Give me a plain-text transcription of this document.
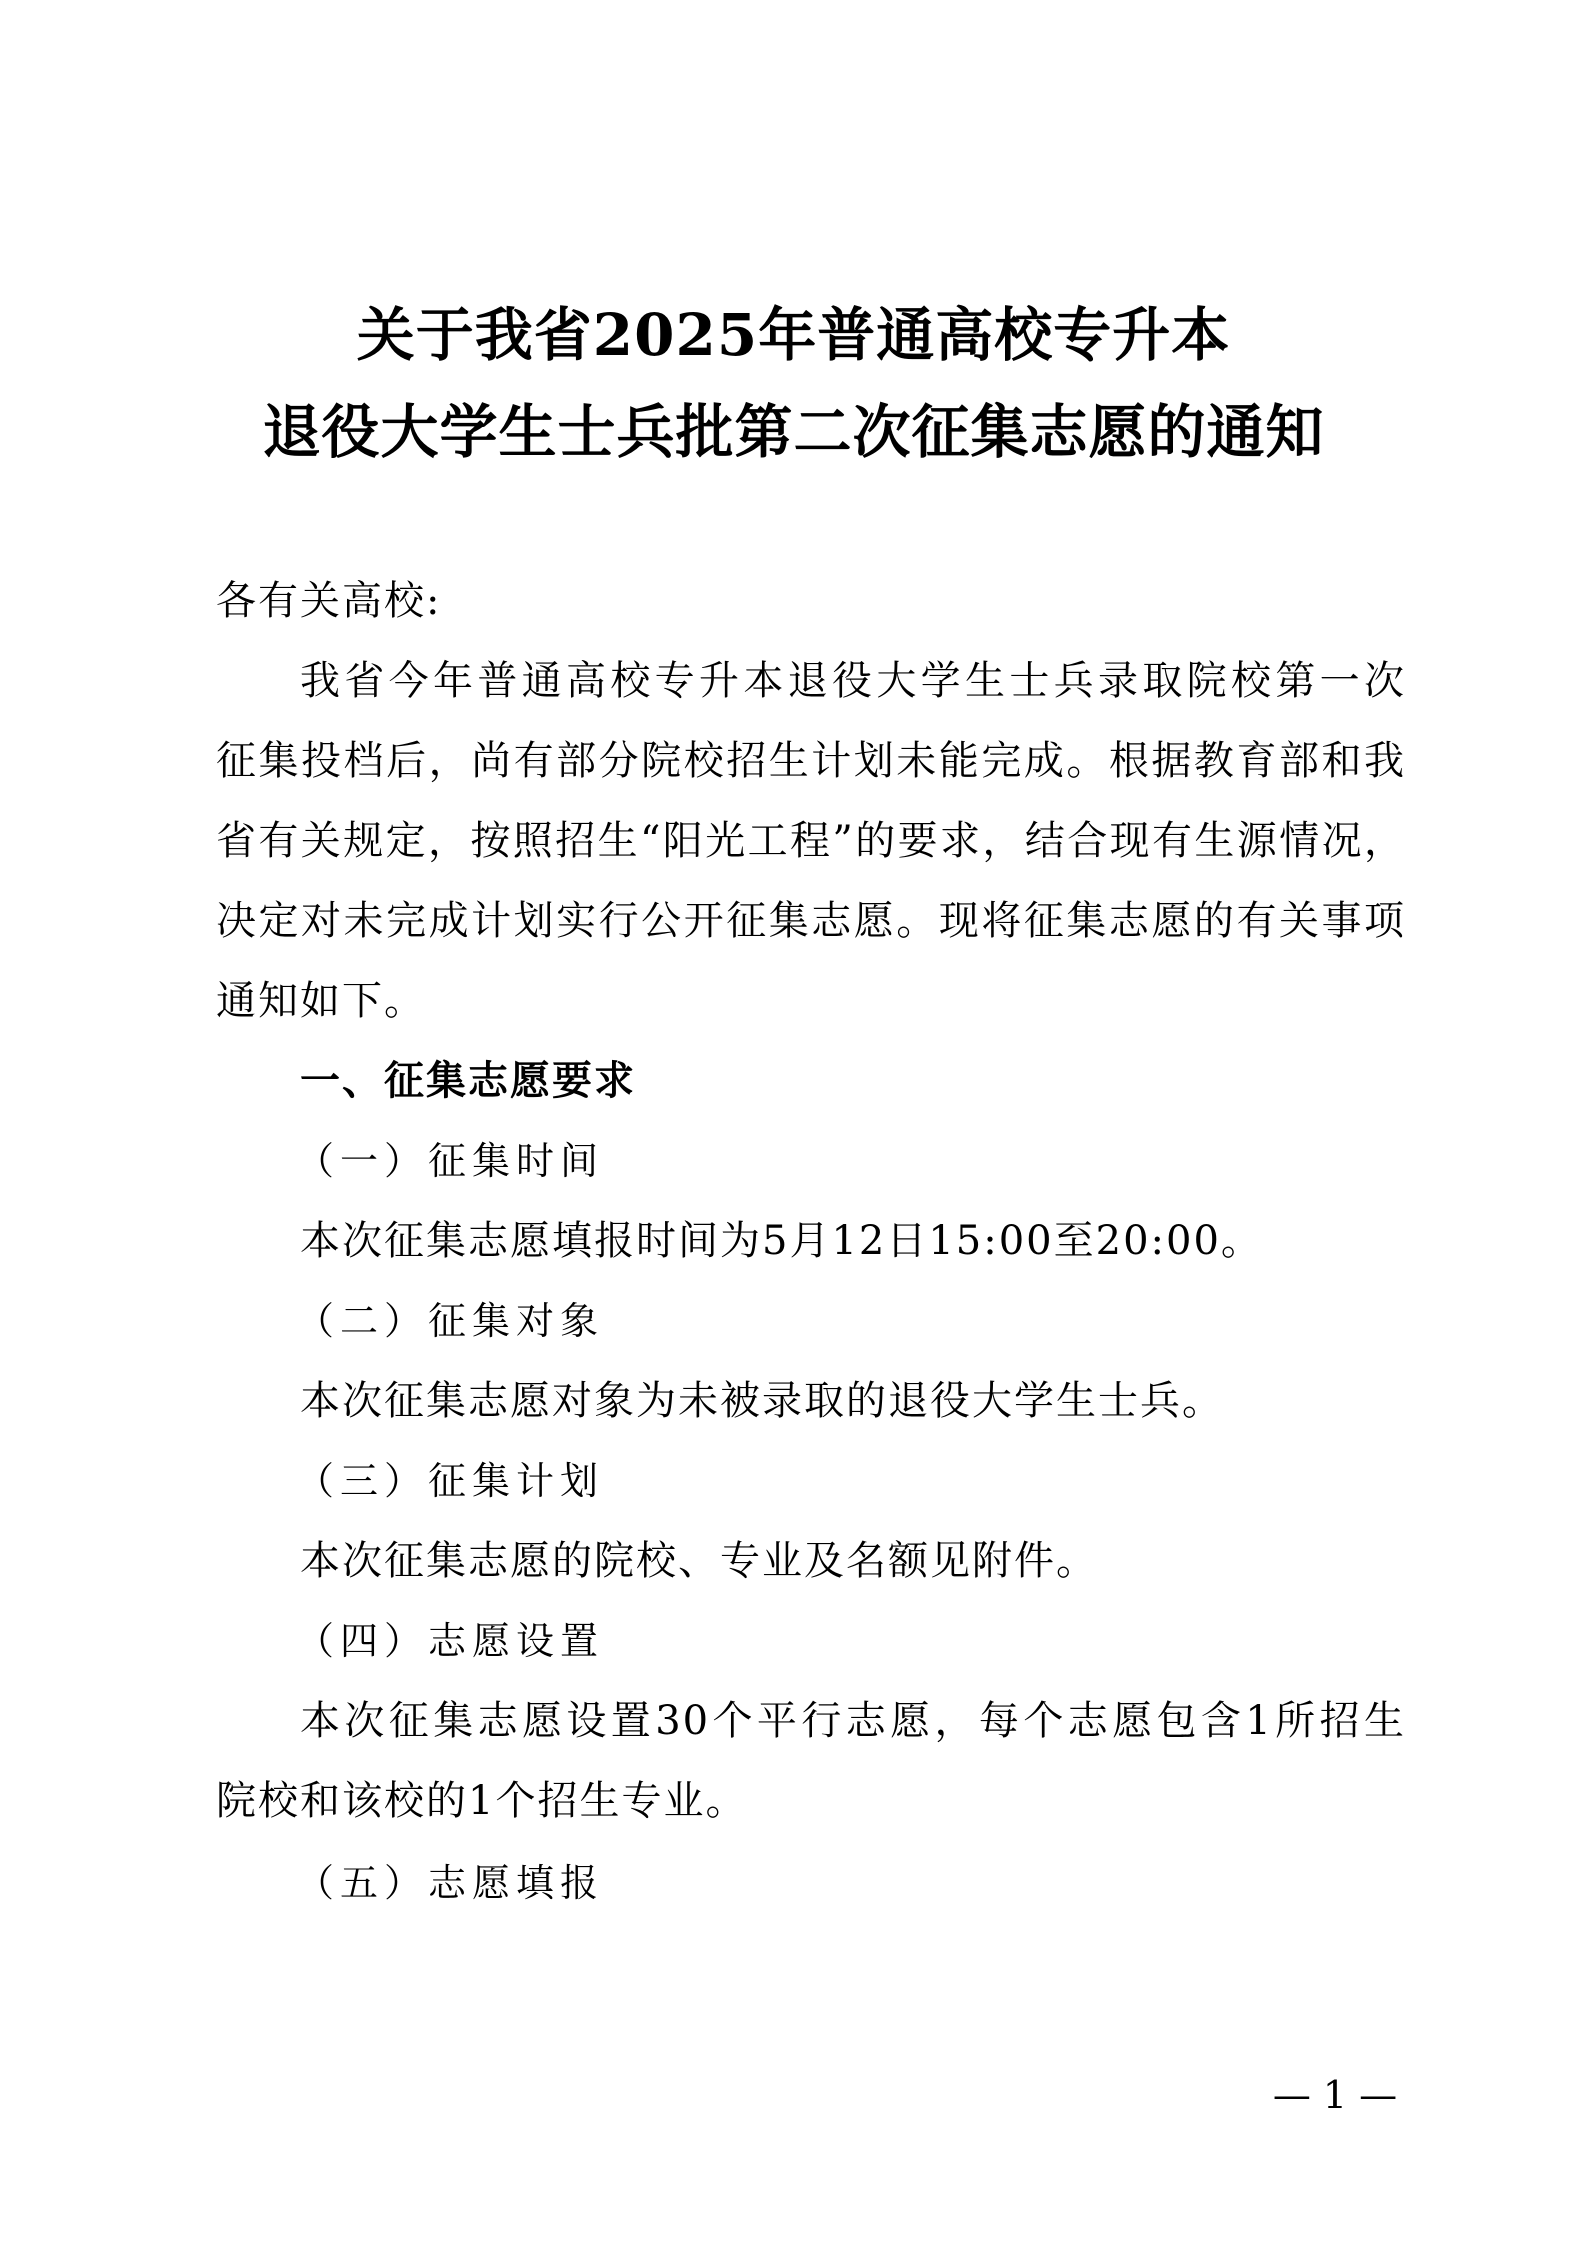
关于我省2025年普通高校专升本
退役大学生士兵批第二次征集志愿的通知
各有关高校:
我省今年普通高校专升本退役大学生士兵录取院校第一次
征集投档后，尚有部分院校招生计划未能完成。根据教育部和我
省有关规定，按照招生“阳光工程”的要求，结合现有生源情况，
决定对未完成计划实行公开征集志愿。现将征集志愿的有关事项
通知如下。
一、征集志愿要求
（一）征集时间
本次征集志愿填报时间为5月12日15:00至20:00。
（二）征集对象
本次征集志愿对象为未被录取的退役大学生士兵。
（三）征集计划
本次征集志愿的院校、专业及名额见附件。
（四）志愿设置
本次征集志愿设置30个平行志愿，每个志愿包含1所招生
院校和该校的1个招生专业。
（五）志愿填报
— 1 —
